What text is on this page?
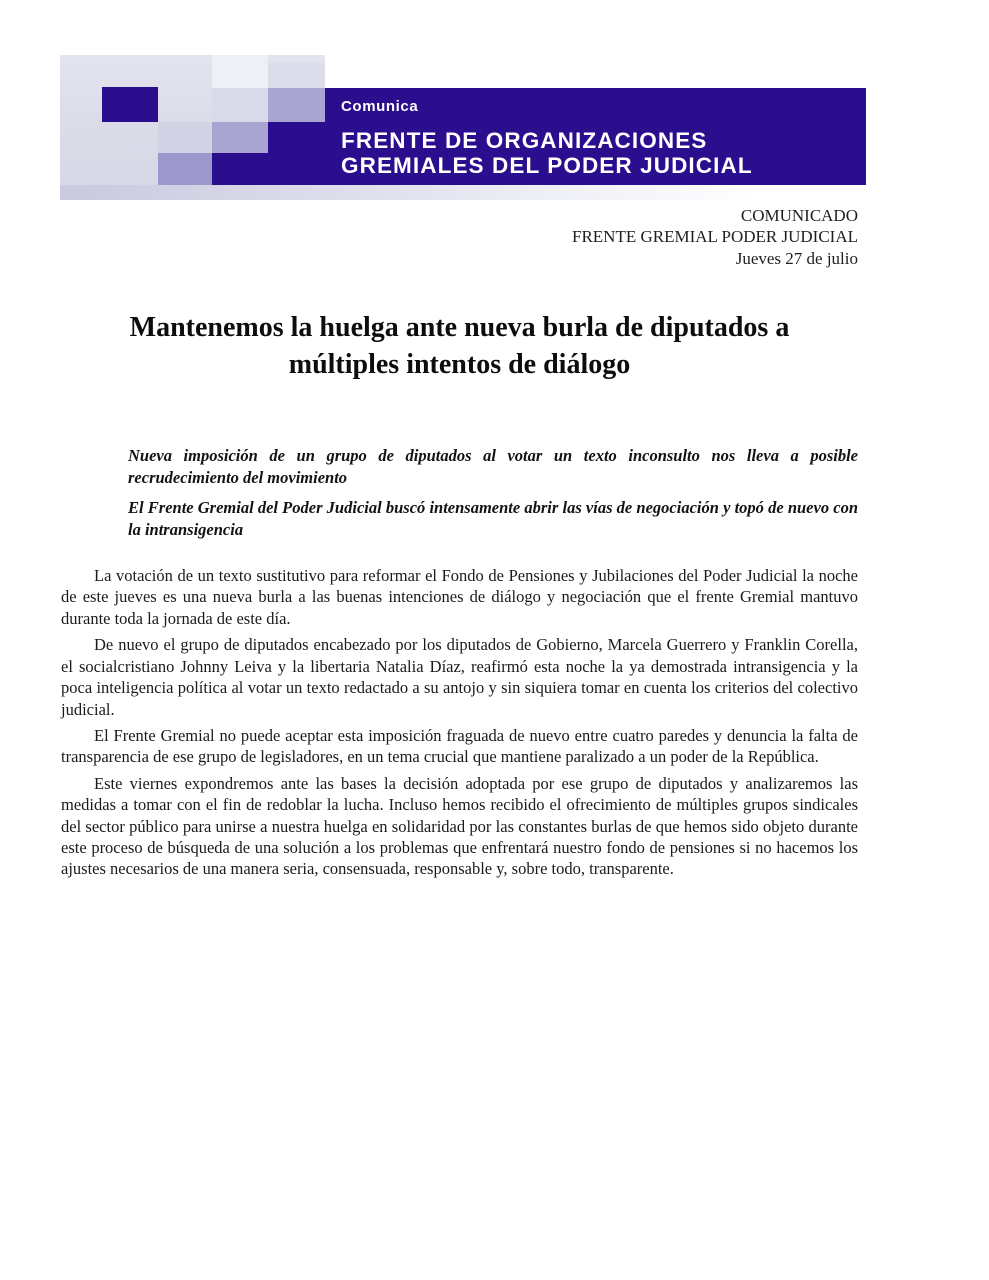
Comunica
FRENTE DE ORGANIZACIONES
GREMIALES DEL PODER JUDICIAL
COMUNICADO
FRENTE GREMIAL PODER JUDICIAL
Jueves 27 de julio
Mantenemos la huelga ante nueva burla de diputados a múltiples intentos de diálogo

Nueva imposición de un grupo de diputados al votar un texto inconsulto nos lleva a posible recrudecimiento del movimiento

El Frente Gremial del Poder Judicial buscó intensamente abrir las vías de negociación y topó de nuevo con la intransigencia

La votación de un texto sustitutivo para reformar el Fondo de Pensiones y Jubilaciones del Poder Judicial la noche de este jueves es una nueva burla a las buenas intenciones de diálogo y negociación que el frente Gremial mantuvo durante toda la jornada de este día.

De nuevo el grupo de diputados encabezado por los diputados de Gobierno, Marcela Guerrero y Franklin Corella, el socialcristiano Johnny Leiva y la libertaria Natalia Díaz, reafirmó esta noche la ya demostrada intransigencia y la poca inteligencia política al votar un texto redactado a su antojo y sin siquiera tomar en cuenta los criterios del colectivo judicial.

El Frente Gremial no puede aceptar esta imposición fraguada de nuevo entre cuatro paredes y denuncia la falta de transparencia de ese grupo de legisladores, en un tema crucial que mantiene paralizado a un poder de la República.

Este viernes expondremos ante las bases la decisión adoptada por ese grupo de diputados y analizaremos las medidas a tomar con el fin de redoblar la lucha. Incluso hemos recibido el ofrecimiento de múltiples grupos sindicales del sector público para unirse a nuestra huelga en solidaridad por las constantes burlas de que hemos sido objeto durante este proceso de búsqueda de una solución a los problemas que enfrentará nuestro fondo de pensiones si no hacemos los ajustes necesarios de una manera seria, consensuada, responsable y, sobre todo, transparente.
